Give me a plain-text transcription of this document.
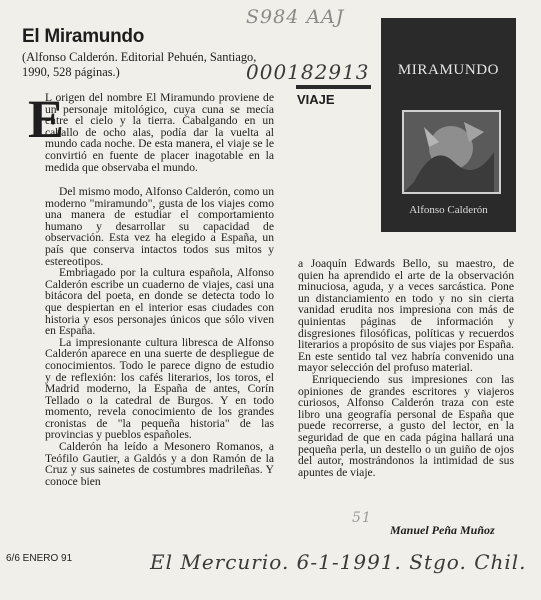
S984 AAJ
000182913
El Miramundo
(Alfonso Calderón. Editorial Pehuén, Santiago, 1990, 528 páginas.)
VIAJE
MIRAMUNDO
Alfonso Calderón
E

L origen del nombre El Miramundo proviene de un personaje mitológico, cuya cuna se mecía entre el cielo y la tierra. Cabalgando en un caballo de ocho alas, podía dar la vuelta al mundo cada noche. De esta manera, el viaje se le convirtió en fuente de placer inagotable en la medida que observaba el mundo.

Del mismo modo, Alfonso Calderón, como un moderno "miramundo", gusta de los viajes como una manera de estudiar el comportamiento humano y desarrollar su capacidad de observación. Esta vez ha elegido a España, un país que conserva intactos todos sus mitos y estereotipos.

Embriagado por la cultura española, Alfonso Calderón escribe un cuaderno de viajes, casi una bitácora del poeta, en donde se detecta todo lo que despiertan en el interior esas ciudades con historia y esos personajes únicos que sólo viven en España.

La impresionante cultura libresca de Alfonso Calderón aparece en una suerte de despliegue de conocimientos. Todo le parece digno de estudio y de reflexión: los cafés literarios, los toros, el Madrid moderno, la España de antes, Corín Tellado o la catedral de Burgos. Y en todo momento, revela conocimiento de los grandes cronistas de "la pequeña historia" de las provincias y pueblos españoles.

Calderón ha leído a Mesonero Romanos, a Teófilo Gautier, a Galdós y a don Ramón de la Cruz y sus sainetes de costumbres madrileñas. Y conoce bien

a Joaquín Edwards Bello, su maestro, de quien ha aprendido el arte de la observación minuciosa, aguda, y a veces sarcástica. Pone un distanciamiento en todo y no sin cierta vanidad erudita nos impresiona con más de quinientas páginas de información y disgresiones filosóficas, políticas y recuerdos literarios a propósito de sus viajes por España. En este sentido tal vez habría convenido una mayor selección del profuso material.

Enriqueciendo sus impresiones con las opiniones de grandes escritores y viajeros curiosos, Alfonso Calderón traza con este libro una geografía personal de España que puede recorrerse, a gusto del lector, en la seguridad de que en cada página hallará una pequeña perla, un destello o un guiño de ojos del autor, mostrándonos la intimidad de sus apuntes de viaje.

51
Manuel Peña Muñoz
6/6 ENERO 91	El Mercurio. 6-1-1991. Stgo. Chil.
